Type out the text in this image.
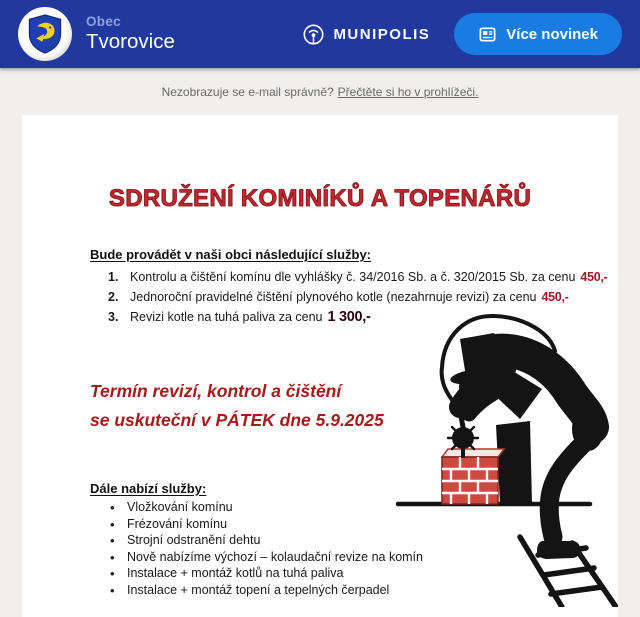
Obec
Tvorovice	MUNIPOLIS	Více novinek
Nezobrazuje se e-mail správně? Přečtěte si ho v prohlížeči.
SDRUŽENÍ KOMINÍKŮ A TOPENÁŘŮ
Bude provádět v naši obci následující služby:
1. Kontrolu a čištění komínu dle vyhlášky č. 34/2016 Sb. a č. 320/2015 Sb. za cenu 450,-
2. Jednoroční pravidelné čištění plynového kotle (nezahrnuje revizi) za cenu 450,-
3. Revizi kotle na tuhá paliva za cenu 1 300,-
Termín revizí, kontrol a čištění
se uskuteční v PÁTEK dne 5.9.2025
Dále nabízí služby:
•
Vložkování komínu
•
Frézování komínu
•
Strojní odstranění dehtu
•
Nově nabízíme výchozí – kolaudační revize na komín
•
Instalace + montáž kotlů na tuhá paliva
•
Instalace + montáž topení a tepelných čerpadel
